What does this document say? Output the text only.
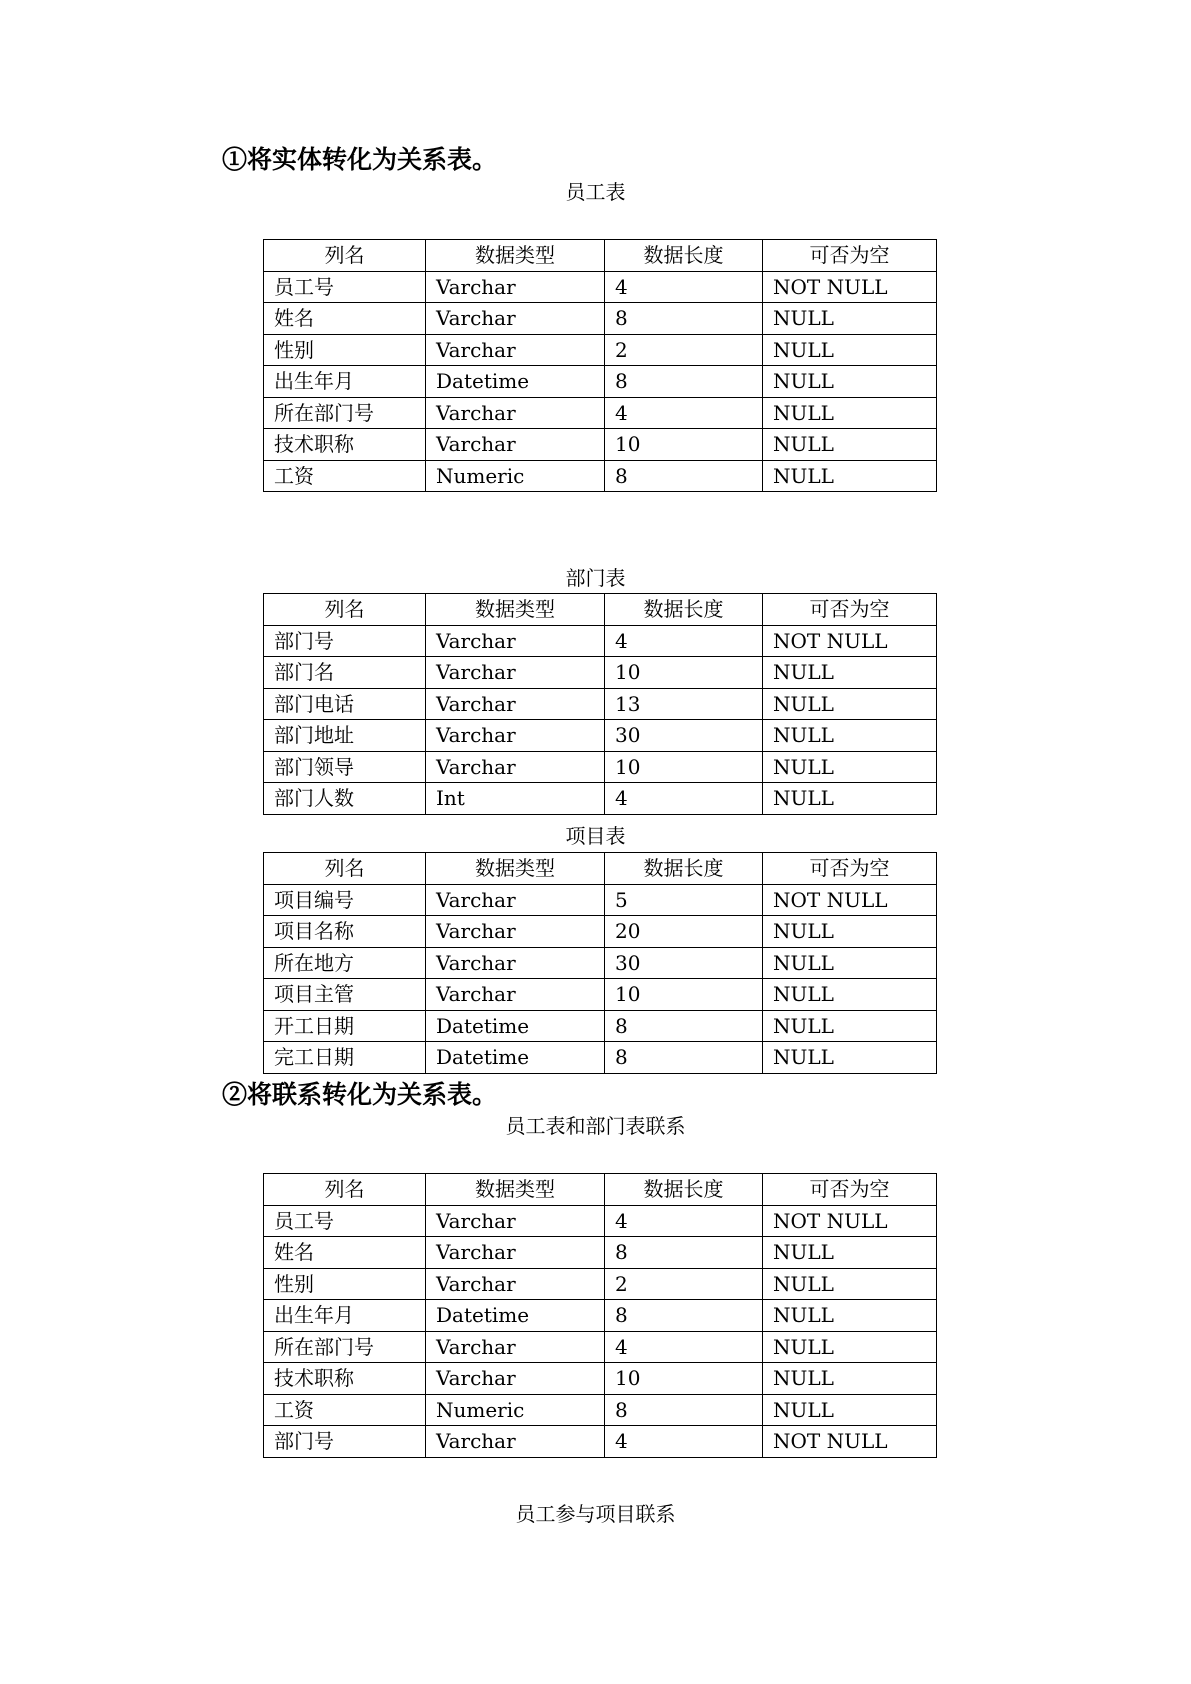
①将实体转化为关系表。
员工表
列名	数据类型	数据长度	可否为空
员工号	Varchar	4	NOT NULL
姓名	Varchar	8	NULL
性别	Varchar	2	NULL
出生年月	Datetime	8	NULL
所在部门号	Varchar	4	NULL
技术职称	Varchar	10	NULL
工资	Numeric	8	NULL
部门表
列名	数据类型	数据长度	可否为空
部门号	Varchar	4	NOT NULL
部门名	Varchar	10	NULL
部门电话	Varchar	13	NULL
部门地址	Varchar	30	NULL
部门领导	Varchar	10	NULL
部门人数	Int	4	NULL
项目表
列名	数据类型	数据长度	可否为空
项目编号	Varchar	5	NOT NULL
项目名称	Varchar	20	NULL
所在地方	Varchar	30	NULL
项目主管	Varchar	10	NULL
开工日期	Datetime	8	NULL
完工日期	Datetime	8	NULL
②将联系转化为关系表。
员工表和部门表联系
列名	数据类型	数据长度	可否为空
员工号	Varchar	4	NOT NULL
姓名	Varchar	8	NULL
性别	Varchar	2	NULL
出生年月	Datetime	8	NULL
所在部门号	Varchar	4	NULL
技术职称	Varchar	10	NULL
工资	Numeric	8	NULL
部门号	Varchar	4	NOT NULL
员工参与项目联系
